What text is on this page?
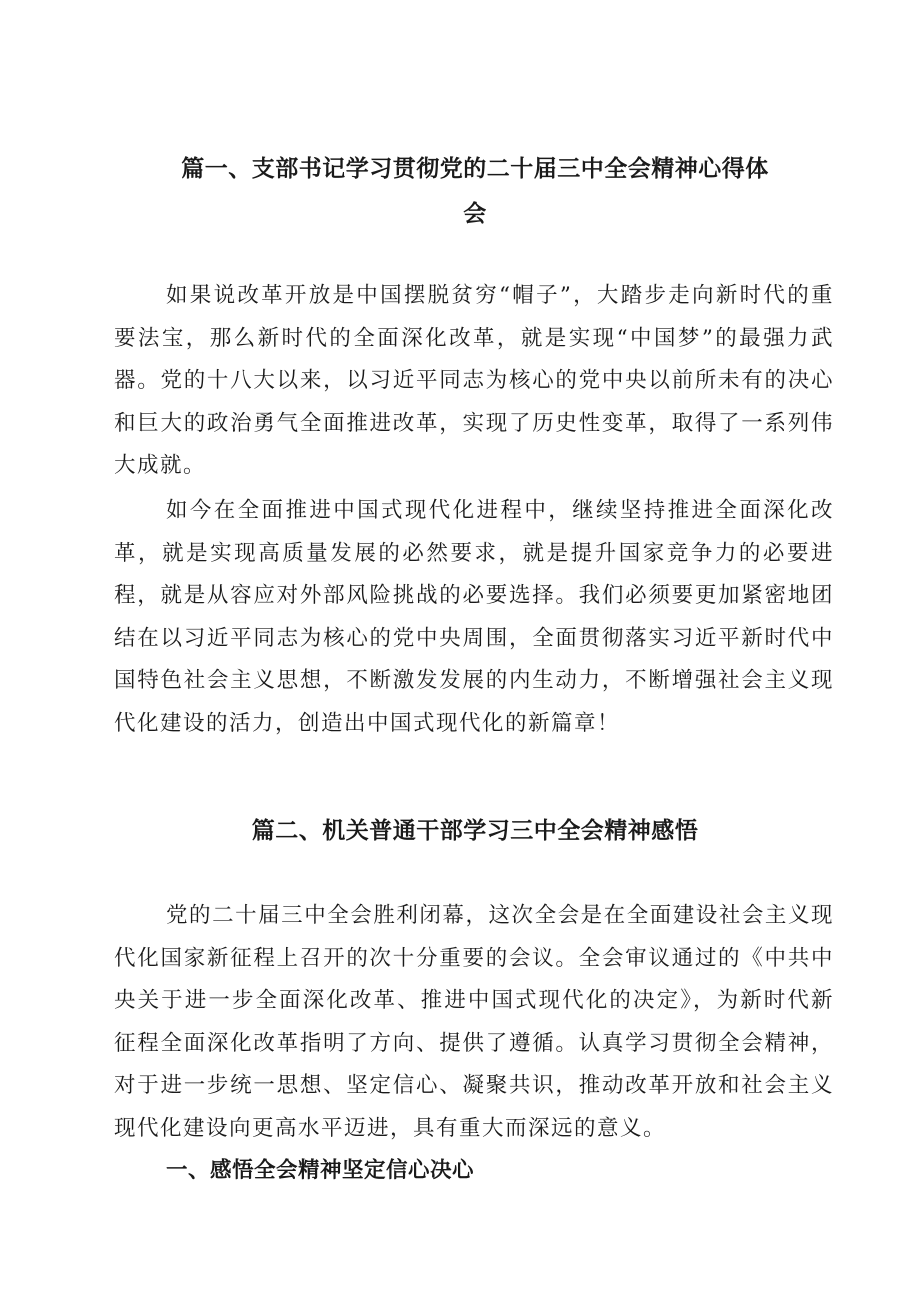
篇一、支部书记学习贯彻党的二十届三中全会精神心得体
会

如果说改革开放是中国摆脱贫穷“帽子”，大踏步走向新时代的重要法宝，那么新时代的全面深化改革，就是实现“中国梦”的最强力武器。党的十八大以来，以习近平同志为核心的党中央以前所未有的决心和巨大的政治勇气全面推进改革，实现了历史性变革，取得了一系列伟大成就。

如今在全面推进中国式现代化进程中，继续坚持推进全面深化改革，就是实现高质量发展的必然要求，就是提升国家竞争力的必要进程，就是从容应对外部风险挑战的必要选择。我们必须要更加紧密地团结在以习近平同志为核心的党中央周围，全面贯彻落实习近平新时代中国特色社会主义思想，不断激发发展的内生动力，不断增强社会主义现代化建设的活力，创造出中国式现代化的新篇章！

篇二、机关普通干部学习三中全会精神感悟

党的二十届三中全会胜利闭幕，这次全会是在全面建设社会主义现代化国家新征程上召开的次十分重要的会议。全会审议通过的《中共中央关于进一步全面深化改革、推进中国式现代化的决定》，为新时代新征程全面深化改革指明了方向、提供了遵循。认真学习贯彻全会精神，对于进一步统一思想、坚定信心、凝聚共识，推动改革开放和社会主义现代化建设向更高水平迈进，具有重大而深远的意义。

一、感悟全会精神坚定信心决心
